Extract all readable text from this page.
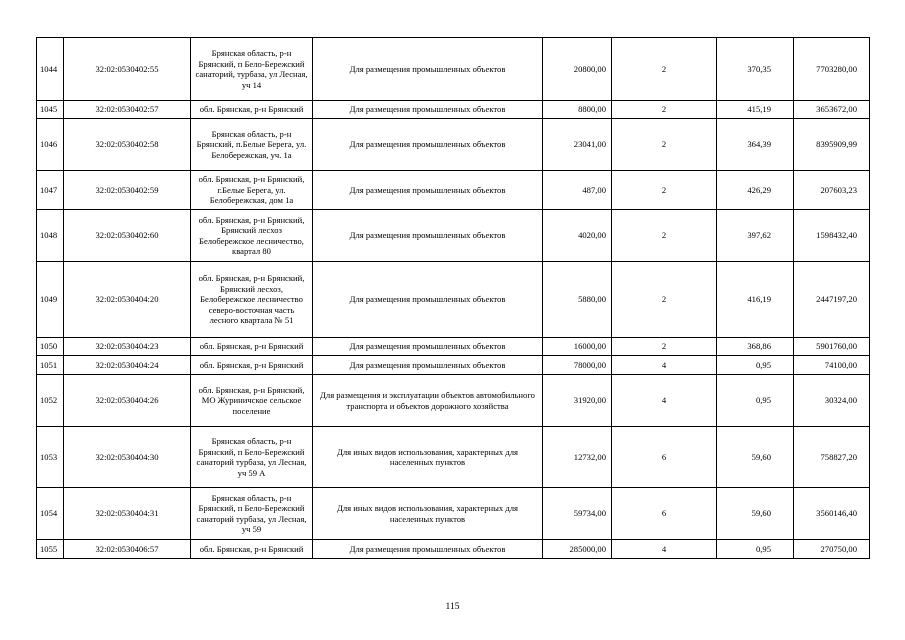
1044	32:02:0530402:55	Брянская область, р-н Брянский, п Бело-Бережский санаторий, турбаза, ул Лесная, уч 14	Для размещения промышленных объектов	20800,00	2	370,35	7703280,00
1045	32:02:0530402:57	обл. Брянская, р-н Брянский	Для размещения промышленных объектов	8800,00	2	415,19	3653672,00
1046	32:02:0530402:58	Брянская область, р-н Брянский, п.Белые Берега, ул. Белобережская, уч. 1а	Для размещения промышленных объектов	23041,00	2	364,39	8395909,99
1047	32:02:0530402:59	обл. Брянская, р-н Брянский, г.Белые Берега, ул. Белобережская, дом 1а	Для размещения промышленных объектов	487,00	2	426,29	207603,23
1048	32:02:0530402:60	обл. Брянская, р-н Брянский, Брянский лесхоз Белобережское лесничество, квартал 80	Для размещения промышленных объектов	4020,00	2	397,62	1598432,40
1049	32:02:0530404:20	обл. Брянская, р-н Брянский, Брянский лесхоз, Белобережское лесничество северо-восточная часть лесного квартала № 51	Для размещения промышленных объектов	5880,00	2	416,19	2447197,20
1050	32:02:0530404:23	обл. Брянская, р-н Брянский	Для размещения промышленных объектов	16000,00	2	368,86	5901760,00
1051	32:02:0530404:24	обл. Брянская, р-н Брянский	Для размещения промышленных объектов	78000,00	4	0,95	74100,00
1052	32:02:0530404:26	обл. Брянская, р-н Брянский, МО Журиничское сельское поселение	Для размещения и эксплуатации объектов автомобильного транспорта и объектов дорожного хозяйства	31920,00	4	0,95	30324,00
1053	32:02:0530404:30	Брянская область, р-н Брянский, п Бело-Бережский санаторий турбаза, ул Лесная, уч 59 А	Для иных видов использования, характерных для населенных пунктов	12732,00	6	59,60	758827,20
1054	32:02:0530404:31	Брянская область, р-н Брянский, п Бело-Бережский санаторий турбаза, ул Лесная, уч 59	Для иных видов использования, характерных для населенных пунктов	59734,00	6	59,60	3560146,40
1055	32:02:0530406:57	обл. Брянская, р-н Брянский	Для размещения промышленных объектов	285000,00	4	0,95	270750,00
115
